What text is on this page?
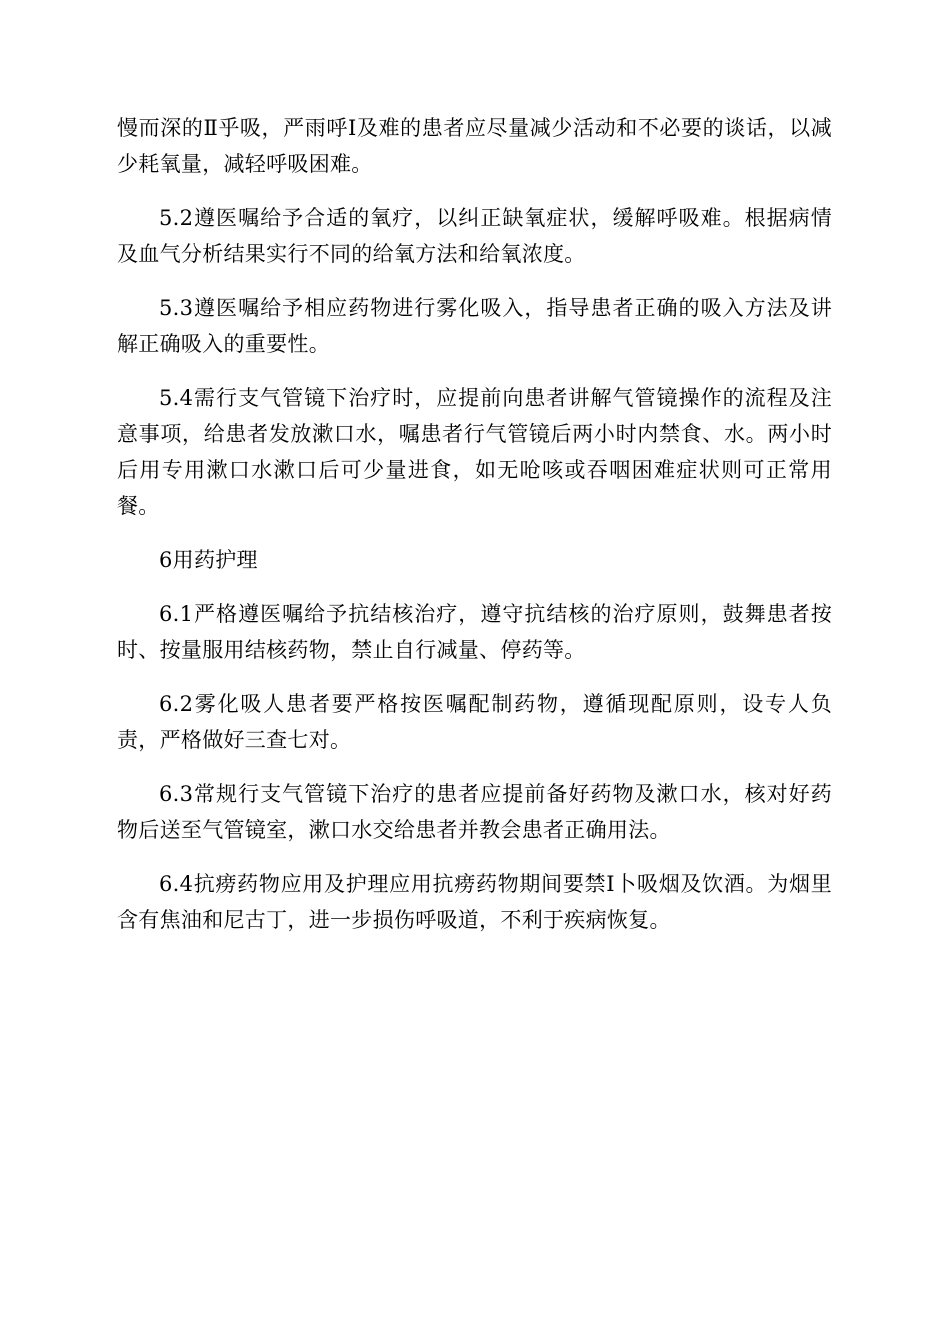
慢而深的Ⅱ乎吸，严雨呼Ⅰ及难的患者应尽量减少活动和不必要的谈话，以减少耗氧量，减轻呼吸困难。

5.2遵医嘱给予合适的氧疗，以纠正缺氧症状，缓解呼吸难。根据病情及血气分析结果实行不同的给氧方法和给氧浓度。

5.3遵医嘱给予相应药物进行雾化吸入，指导患者正确的吸入方法及讲解正确吸入的重要性。

5.4需行支气管镜下治疗时，应提前向患者讲解气管镜操作的流程及注意事项，给患者发放漱口水，嘱患者行气管镜后两小时内禁食、水。两小时后用专用漱口水漱口后可少量进食，如无呛咳或吞咽困难症状则可正常用餐。

6用药护理

6.1严格遵医嘱给予抗结核治疗，遵守抗结核的治疗原则，鼓舞患者按时、按量服用结核药物，禁止自行减量、停药等。

6.2雾化吸人患者要严格按医嘱配制药物，遵循现配原则，设专人负责，严格做好三查七对。

6.3常规行支气管镜下治疗的患者应提前备好药物及漱口水，核对好药物后送至气管镜室，漱口水交给患者并教会患者正确用法。

6.4抗痨药物应用及护理应用抗痨药物期间要禁Ⅰ卜吸烟及饮酒。为烟里含有焦油和尼古丁，进一步损伤呼吸道，不利于疾病恢复。
